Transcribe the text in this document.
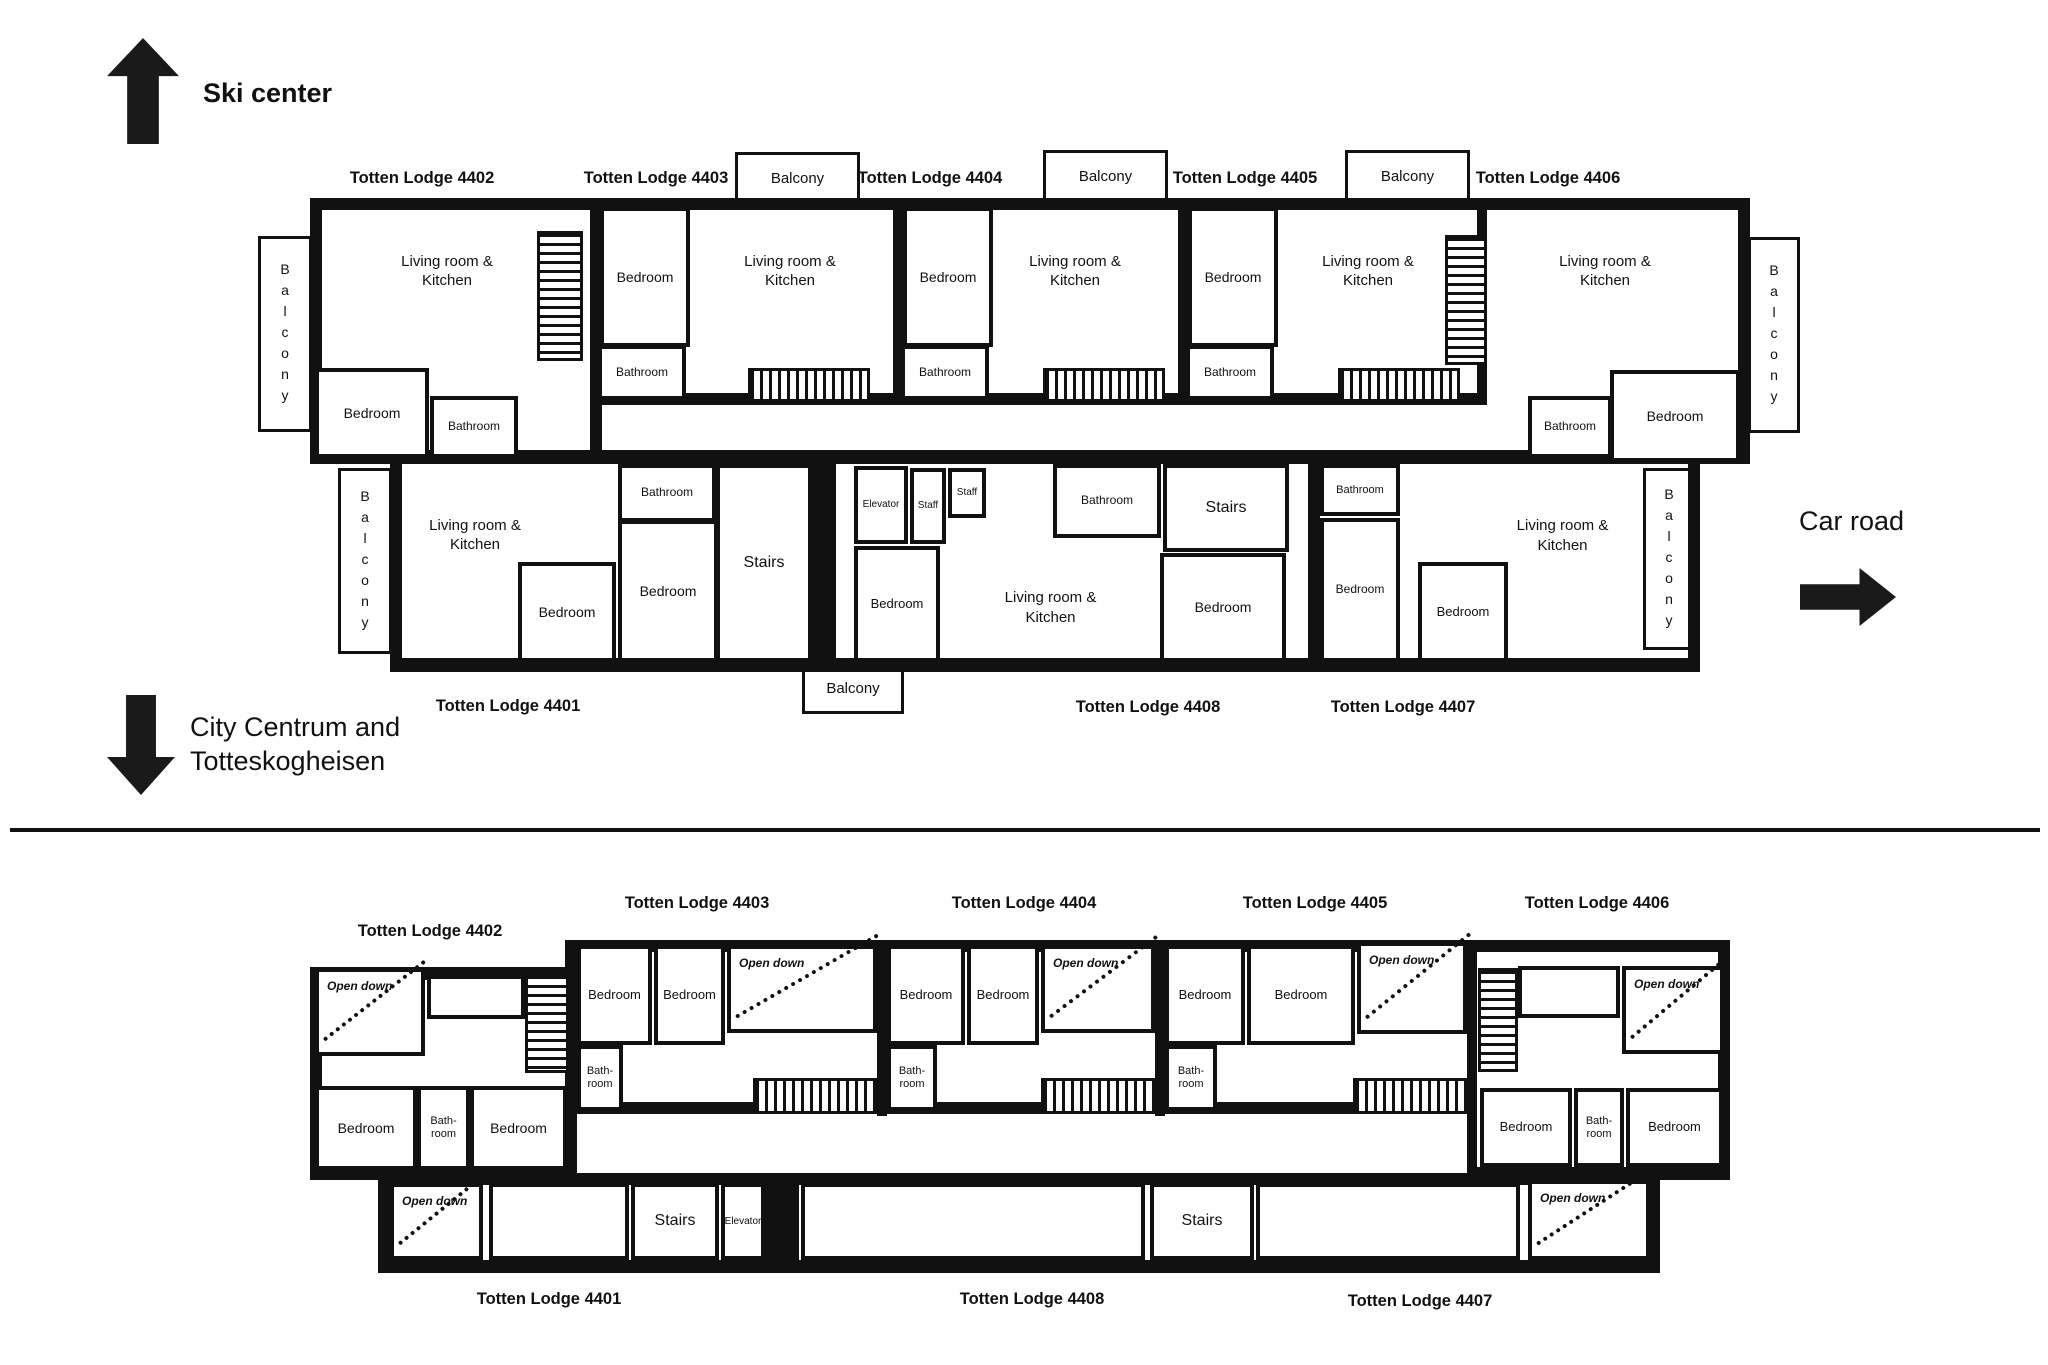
Ski center
City Centrum and
Totteskogheisen
Car road
Totten Lodge 4402	Totten Lodge 4403	Totten Lodge 4404	Totten Lodge 4405	Totten Lodge 4406
Totten Lodge 4401	Totten Lodge 4408	Totten Lodge 4407
Balcony	Balcony	Balcony
Balcony	Balcony
Balcony	Balcony
Balcony
Bedroom
Bathroom
Bedroom
Bathroom
Bedroom
Bathroom
Bathroom
Bedroom
Bedroom
Bathroom
Living room &
Kitchen
Living room &
Kitchen
Living room &
Kitchen
Living room &
Kitchen
Living room &
Kitchen
Bathroom
Bedroom
Bedroom
Stairs
Living room &
Kitchen
Elevator Staff
Staff
Bedroom
Bathroom	Stairs
Bedroom
Living room &
Kitchen
Bathroom
Bedroom
Bedroom
Living room &
Kitchen
Totten Lodge 4402
Totten Lodge 4403	Totten Lodge 4404	Totten Lodge 4405	Totten Lodge 4406
Totten Lodge 4401	Totten Lodge 4408	Totten Lodge 4407
Open down
Bedroom	Bath-
room Bedroom
Bedroom Bedroom
Open down
Bath-
room
Bedroom Bedroom
Open down
Bath-
room
Bedroom	Bedroom
Open down
Bath-
room
Open down
Bedroom	Bath-
room	Bedroom
Open down
Stairs	Elevator	Stairs
Open down
